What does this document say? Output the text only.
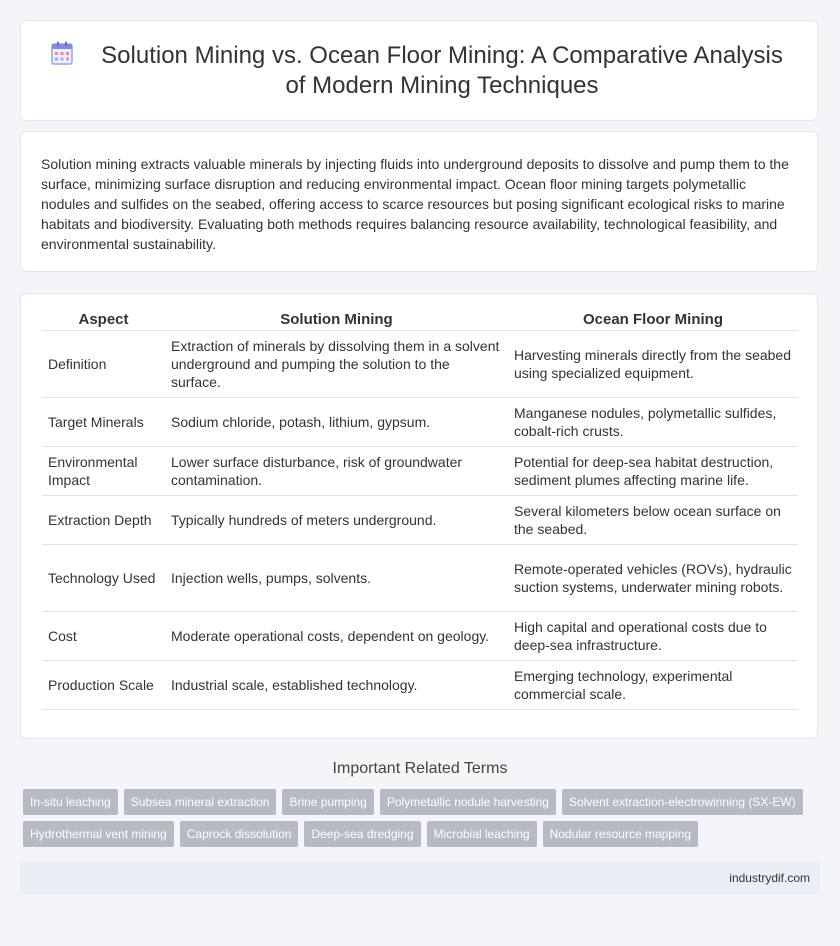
Solution Mining vs. Ocean Floor Mining: A Comparative Analysis of Modern Mining Techniques

Solution mining extracts valuable minerals by injecting fluids into underground deposits to dissolve and pump them to the surface, minimizing surface disruption and reducing environmental impact. Ocean floor mining targets polymetallic nodules and sulfides on the seabed, offering access to scarce resources but posing significant ecological risks to marine habitats and biodiversity. Evaluating both methods requires balancing resource availability, technological feasibility, and environmental sustainability.

Aspect	Solution Mining	Ocean Floor Mining
Definition	Extraction of minerals by dissolving them in a solvent underground and pumping the solution to the surface.	Harvesting minerals directly from the seabed using specialized equipment.
Target Minerals	Sodium chloride, potash, lithium, gypsum.	Manganese nodules, polymetallic sulfides, cobalt-rich crusts.
Environmental Impact	Lower surface disturbance, risk of groundwater contamination.	Potential for deep-sea habitat destruction, sediment plumes affecting marine life.
Extraction Depth	Typically hundreds of meters underground.	Several kilometers below ocean surface on the seabed.
Technology Used	Injection wells, pumps, solvents.	Remote-operated vehicles (ROVs), hydraulic suction systems, underwater mining robots.
Cost	Moderate operational costs, dependent on geology.	High capital and operational costs due to deep-sea infrastructure.
Production Scale	Industrial scale, established technology.	Emerging technology, experimental commercial scale.
Important Related Terms
In-situ leaching	Subsea mineral extraction	Brine pumping	Polymetallic nodule harvesting	Solvent extraction-electrowinning (SX-EW)
Hydrothermal vent mining	Caprock dissolution	Deep-sea dredging	Microbial leaching	Nodular resource mapping
industrydif.com
